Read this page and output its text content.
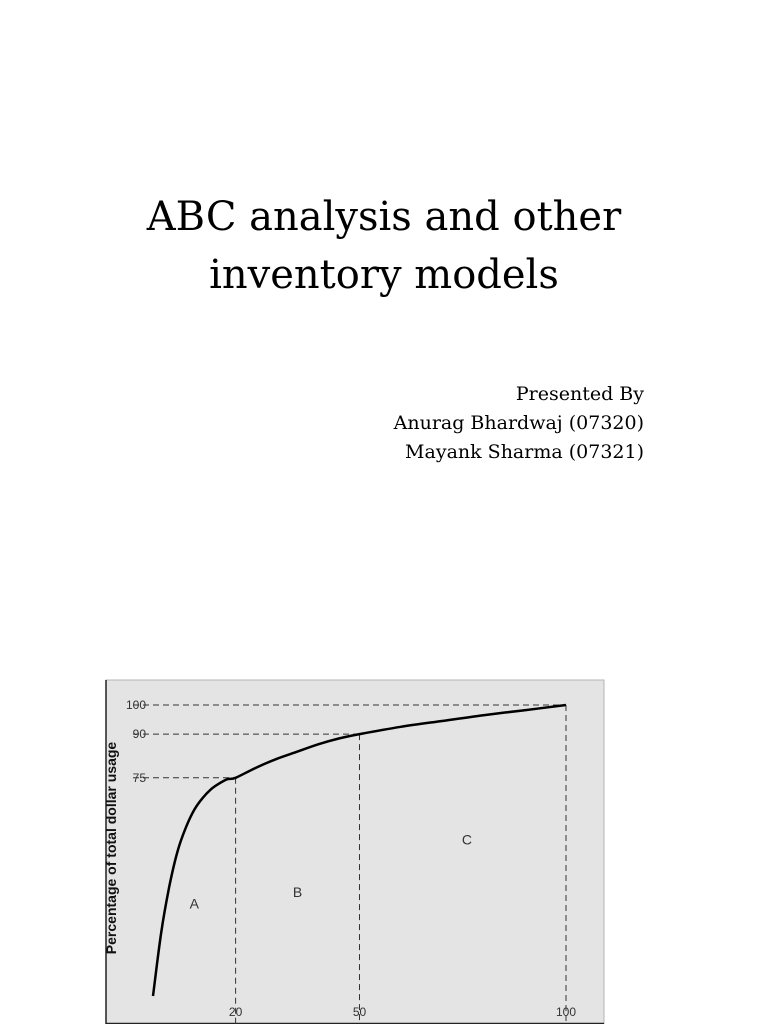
ABC analysis and other
inventory models
Presented By
Anurag Bhardwaj (07320)
Mayank Sharma (07321)
75
90
100
20	50	100
A
B
C
Percentage of total dollar usage
